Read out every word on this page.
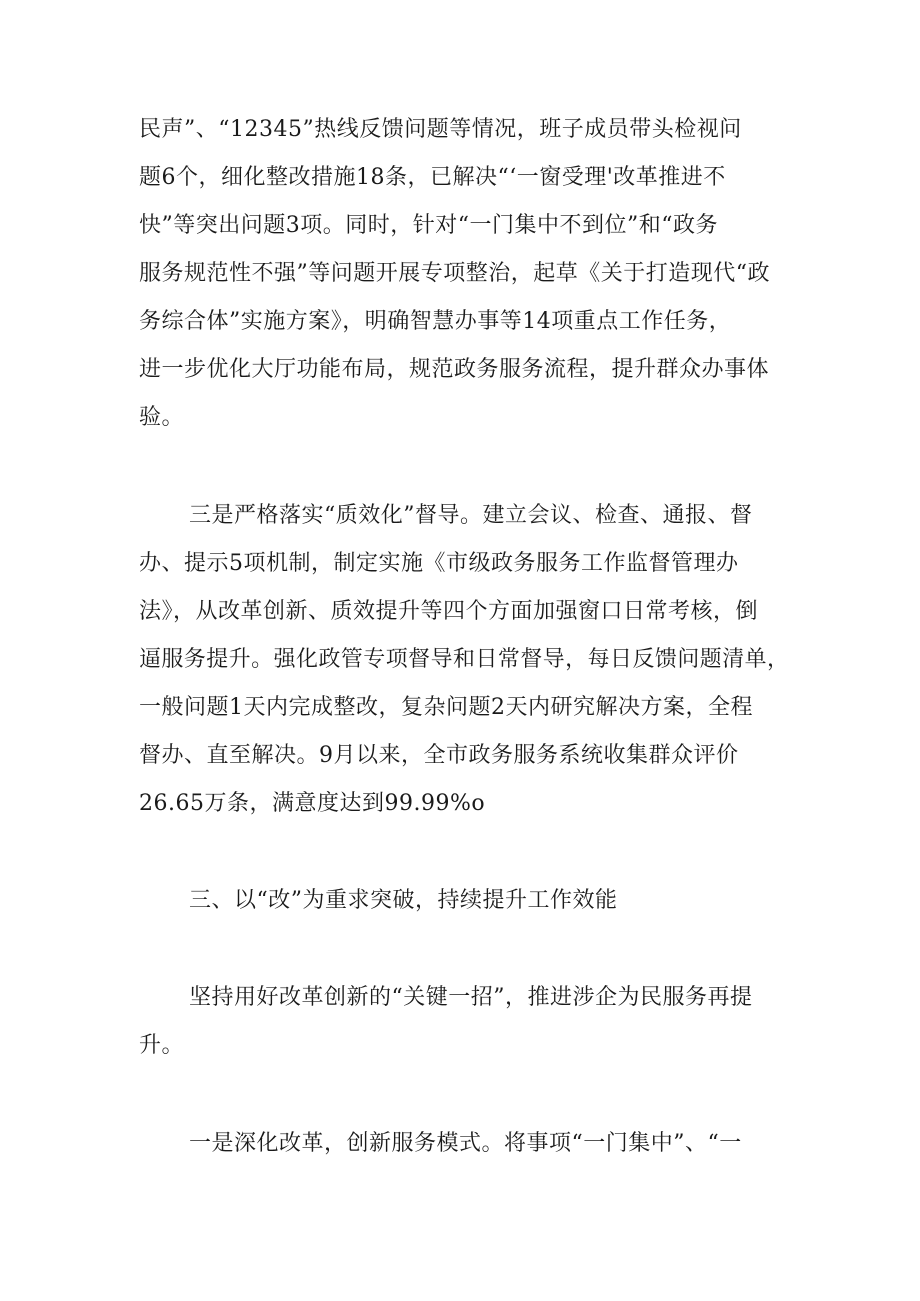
民声”、“12345”热线反馈问题等情况，班子成员带头检视问
题6个，细化整改措施18条，已解决“‘一窗受理'改革推进不
快”等突出问题3项。同时，针对“一门集中不到位”和“政务
服务规范性不强”等问题开展专项整治，起草《关于打造现代“政
务综合体”实施方案》，明确智慧办事等14项重点工作任务，
进一步优化大厅功能布局，规范政务服务流程，提升群众办事体
验。
三是严格落实“质效化”督导。建立会议、检查、通报、督
办、提示5项机制，制定实施《市级政务服务工作监督管理办
法》，从改革创新、质效提升等四个方面加强窗口日常考核，倒
逼服务提升。强化政管专项督导和日常督导，每日反馈问题清单，
一般问题1天内完成整改，复杂问题2天内研究解决方案，全程
督办、直至解决。9月以来，全市政务服务系统收集群众评价
26.65万条，满意度达到99.99%o
三、以“改”为重求突破，持续提升工作效能
坚持用好改革创新的“关键一招”，推进涉企为民服务再提
升。
一是深化改革，创新服务模式。将事项“一门集中”、“一
